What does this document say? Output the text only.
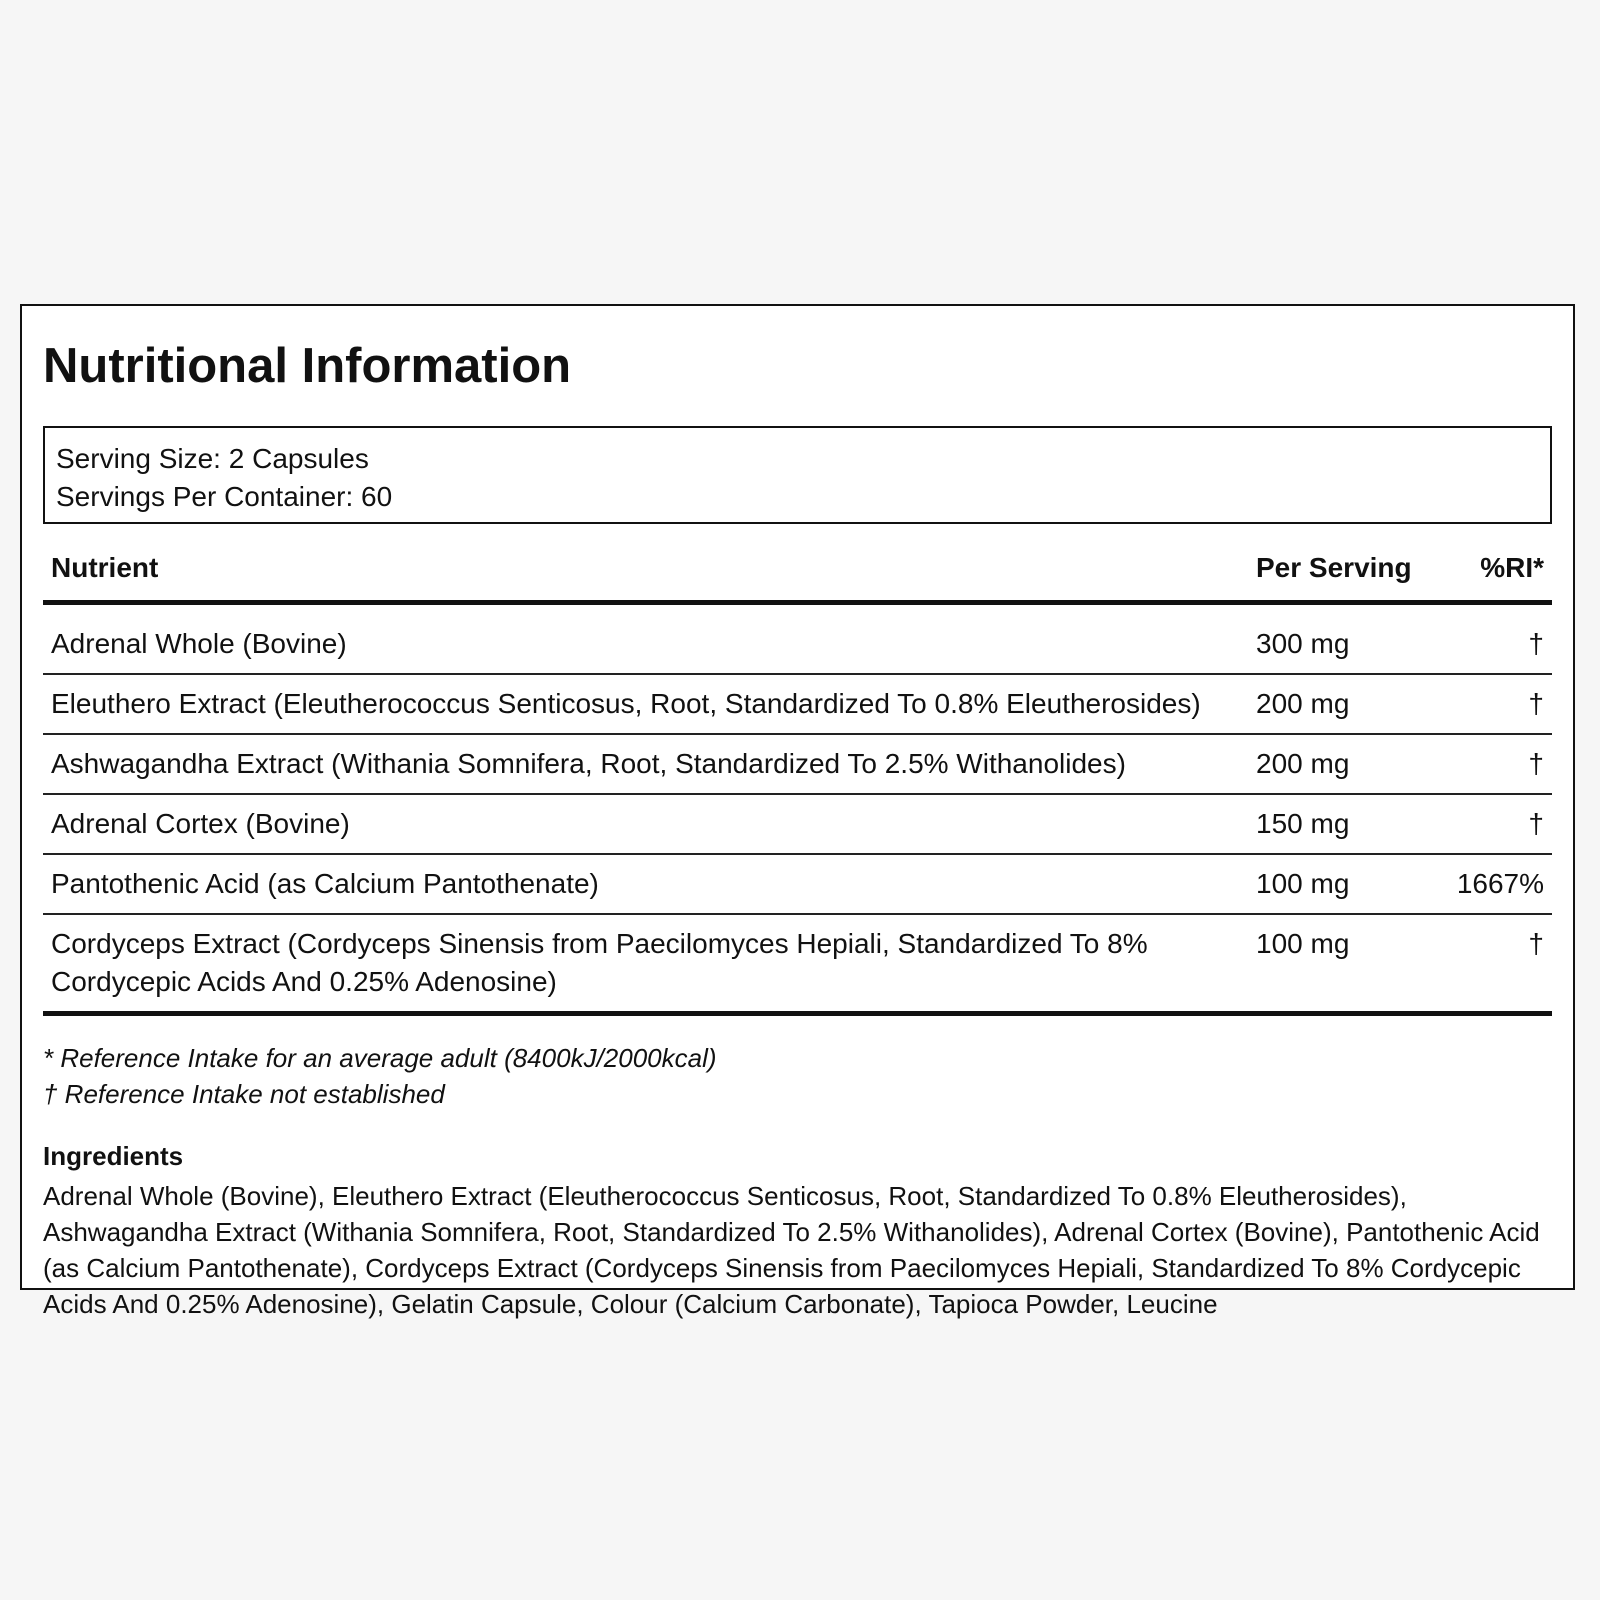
Nutritional Information
Serving Size: 2 Capsules
Servings Per Container: 60
Nutrient	Per Serving	%RI*
Adrenal Whole (Bovine)	300 mg	†
Eleuthero Extract (Eleutherococcus Senticosus, Root, Standardized To 0.8% Eleutherosides)	200 mg	†
Ashwagandha Extract (Withania Somnifera, Root, Standardized To 2.5% Withanolides)	200 mg	†
Adrenal Cortex (Bovine)	150 mg	†
Pantothenic Acid (as Calcium Pantothenate)	100 mg	1667%
Cordyceps Extract (Cordyceps Sinensis from Paecilomyces Hepiali, Standardized To 8% Cordycepic Acids And 0.25% Adenosine)	100 mg	†
* Reference Intake for an average adult (8400kJ/2000kcal)
† Reference Intake not established
Ingredients
Adrenal Whole (Bovine), Eleuthero Extract (Eleutherococcus Senticosus, Root, Standardized To 0.8% Eleutherosides), Ashwagandha Extract (Withania Somnifera, Root, Standardized To 2.5% Withanolides), Adrenal Cortex (Bovine), Pantothenic Acid (as Calcium Pantothenate), Cordyceps Extract (Cordyceps Sinensis from Paecilomyces Hepiali, Standardized To 8% Cordycepic Acids And 0.25% Adenosine), Gelatin Capsule, Colour (Calcium Carbonate), Tapioca Powder, Leucine
